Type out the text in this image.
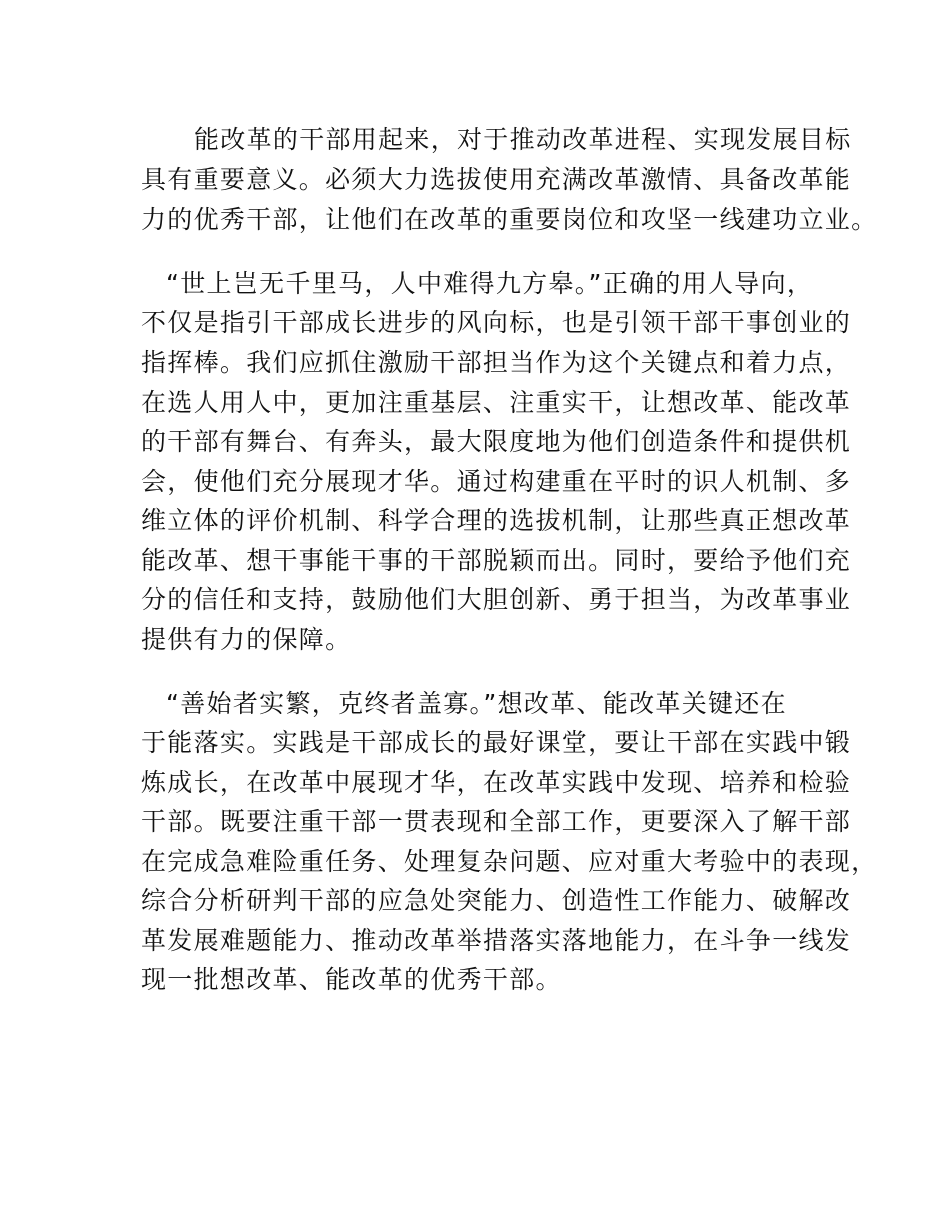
能改革的干部用起来，对于推动改革进程、实现发展目标
具有重要意义。必须大力选拔使用充满改革激情、具备改革能
力的优秀干部，让他们在改革的重要岗位和攻坚一线建功立业。
“世上岂无千里马，人中难得九方皋。”正确的用人导向，
不仅是指引干部成长进步的风向标，也是引领干部干事创业的
指挥棒。我们应抓住激励干部担当作为这个关键点和着力点，
在选人用人中，更加注重基层、注重实干，让想改革、能改革
的干部有舞台、有奔头，最大限度地为他们创造条件和提供机
会，使他们充分展现才华。通过构建重在平时的识人机制、多
维立体的评价机制、科学合理的选拔机制，让那些真正想改革
能改革、想干事能干事的干部脱颖而出。同时，要给予他们充
分的信任和支持，鼓励他们大胆创新、勇于担当，为改革事业
提供有力的保障。
“善始者实繁，克终者盖寡。”想改革、能改革关键还在
于能落实。实践是干部成长的最好课堂，要让干部在实践中锻
炼成长，在改革中展现才华，在改革实践中发现、培养和检验
干部。既要注重干部一贯表现和全部工作，更要深入了解干部
在完成急难险重任务、处理复杂问题、应对重大考验中的表现，
综合分析研判干部的应急处突能力、创造性工作能力、破解改
革发展难题能力、推动改革举措落实落地能力，在斗争一线发
现一批想改革、能改革的优秀干部。
